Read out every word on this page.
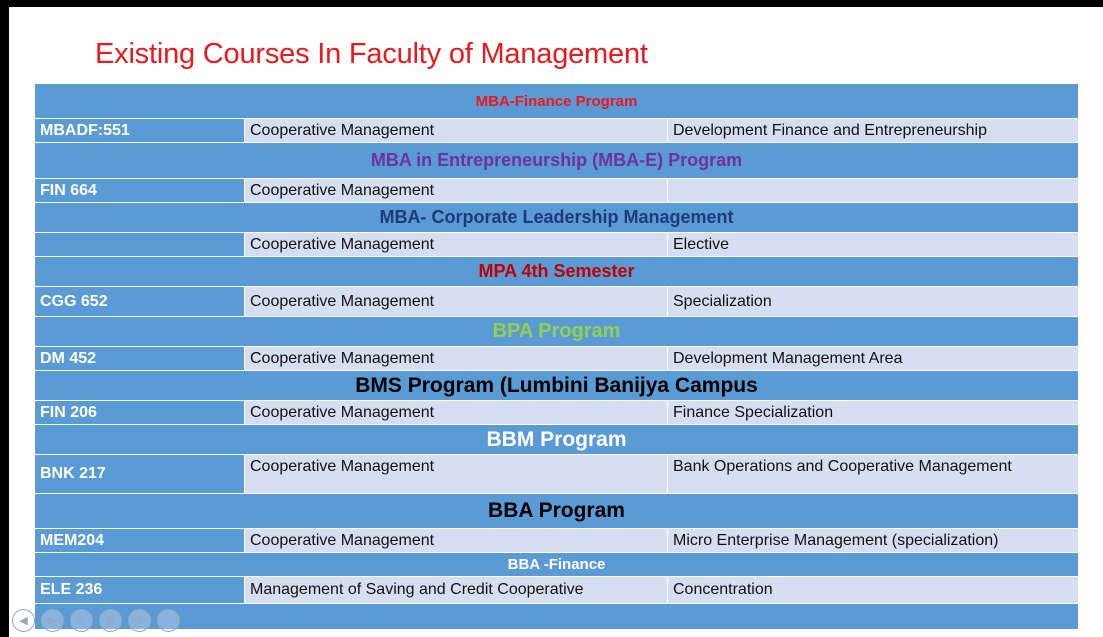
Existing Courses In Faculty of Management
MBA-Finance Program		
MBADF:551	Cooperative Management	Development Finance and Entrepreneurship
MBA in Entrepreneurship (MBA-E) Program		
FIN 664	Cooperative Management	
MBA- Corporate Leadership Management		
	Cooperative Management	Elective
MPA 4th Semester		
CGG 652	Cooperative Management	Specialization
BPA Program		
DM 452	Cooperative Management	Development Management Area
BMS Program (Lumbini Banijya Campus		
FIN 206	Cooperative Management	Finance Specialization
BBM Program		
BNK 217	Cooperative Management	Bank Operations and Cooperative Management
BBA Program		
MEM204	Cooperative Management	Micro Enterprise Management (specialization)
BBA -Finance		
ELE 236	Management of Saving and Credit Cooperative	Concentration

◀	▶	✎	▦	⚲	⋯
